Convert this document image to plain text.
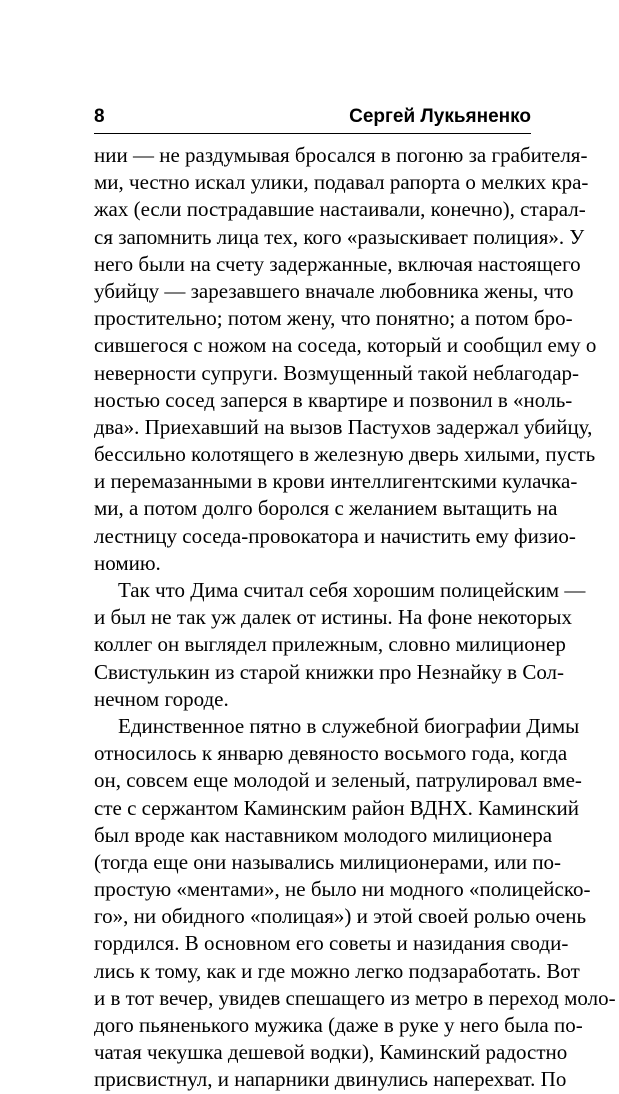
8	Сергей Лукьяненко
нии — не раздумывая бросался в погоню за грабителя-
ми, честно искал улики, подавал рапорта о мелких кра-
жах (если пострадавшие настаивали, конечно), старал-
ся запомнить лица тех, кого «разыскивает полиция». У
него были на счету задержанные, включая настоящего
убийцу — зарезавшего вначале любовника жены, что
простительно; потом жену, что понятно; а потом бро-
сившегося с ножом на соседа, который и сообщил ему о
неверности супруги. Возмущенный такой неблагодар-
ностью сосед заперся в квартире и позвонил в «нoль-
два». Приехавший на вызов Пастухов задержал убийцу,
бессильно колотящего в железную дверь хилыми, пусть
и перемазанными в крови интеллигентскими кулачка-
ми, а потом долго боролся с желанием вытащить на
лестницу соседа-провокатора и начистить ему физио-
номию.
Так что Дима считал себя хорошим полицейским —
и был не так уж далек от истины. На фоне некоторых
коллег он выглядел прилежным, словно милиционер
Свистулькин из старой книжки про Незнайку в Сол-
нечном городе.
Единственное пятно в служебной биографии Димы
относилось к январю девяносто восьмого года, когда
он, совсем еще молодой и зеленый, патрулировал вме-
сте с сержантом Каминским район ВДНХ. Каминский
был вроде как наставником молодого милиционера
(тогда еще они назывались милиционерами, или по-
простую «ментами», не было ни модного «полицейско-
го», ни обидного «полицая») и этой своей ролью очень
гордился. В основном его советы и назидания своди-
лись к тому, как и где можно легко подзаработать. Вот
и в тот вечер, увидев спешащего из метро в переход моло-
дого пьяненького мужика (даже в руке у него была по-
чатая чекушка дешевой водки), Каминский радостно
присвистнул, и напарники двинулись наперехват. По
